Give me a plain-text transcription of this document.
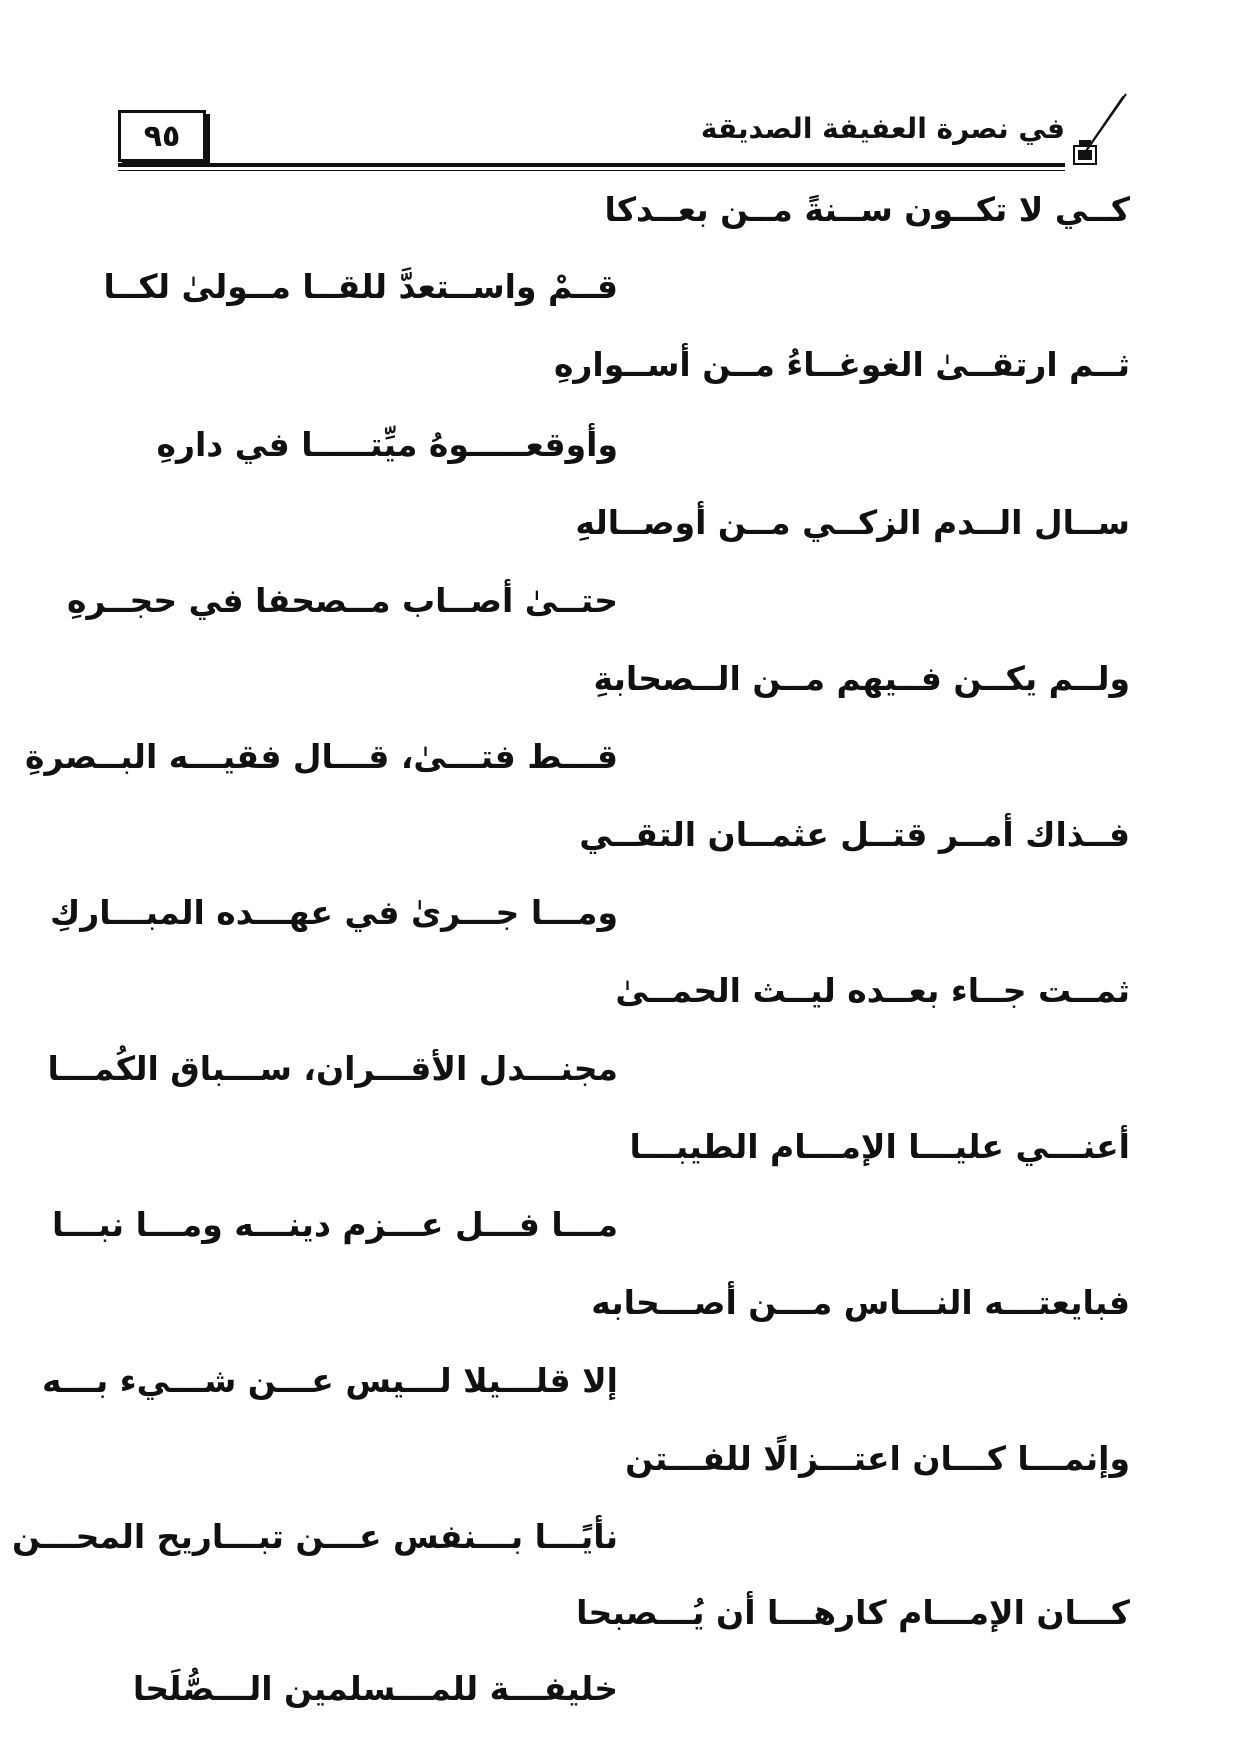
٩٥	في نصرة العفيفة الصديقة
كــي لا تكــون ســنةً مــن بعــدكا
قــمْ واســتعدَّ للقــا مــولىٰ لكــا
ثــم ارتقــىٰ الغوغــاءُ مــن أســوارهِ
وأوقعـــــوهُ ميِّتـــــا في دارهِ
ســال الــدم الزكــي مــن أوصــالهِ
حتــىٰ أصــاب مــصحفا في حجــرهِ
ولــم يكــن فــيهم مــن الــصحابةِ
قـــط فتـــىٰ، قـــال فقيـــه البــصرةِ
فــذاك أمــر قتــل عثمــان التقــي
ومـــا جـــرىٰ في عهـــده المبـــاركِ
ثمــت جــاء بعــده ليــث الحمــىٰ
مجنـــدل الأقـــران، ســـباق الكُمـــا
أعنـــي عليـــا الإمـــام الطيبـــا
مـــا فـــل عـــزم دينـــه ومـــا نبـــا
فبايعتـــه النـــاس مـــن أصـــحابه
إلا قلـــيلا لـــيس عـــن شـــيء بـــه
وإنمـــا كـــان اعتـــزالًا للفـــتن
نأيًـــا بـــنفس عـــن تبـــاريح المحـــن
كـــان الإمـــام كارهـــا أن يُـــصبحا
خليفـــة للمـــسلمين الـــصُّلَحا
